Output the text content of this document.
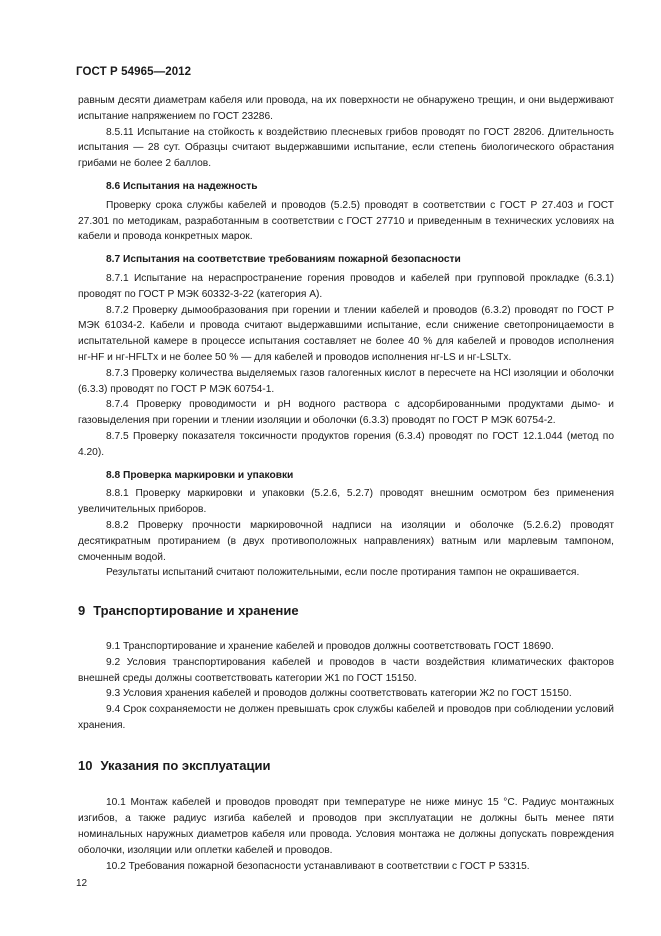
ГОСТ Р 54965—2012

равным десяти диаметрам кабеля или провода, на их поверхности не обнаружено трещин, и они выдерживают испытание напряжением по ГОСТ 23286.

8.5.11 Испытание на стойкость к воздействию плесневых грибов проводят по ГОСТ 28206. Длительность испытания — 28 сут. Образцы считают выдержавшими испытание, если степень биологического обрастания грибами не более 2 баллов.

8.6 Испытания на надежность

Проверку срока службы кабелей и проводов (5.2.5) проводят в соответствии с ГОСТ Р 27.403 и ГОСТ 27.301 по методикам, разработанным в соответствии с ГОСТ 27710 и приведенным в технических условиях на кабели и провода конкретных марок.

8.7 Испытания на соответствие требованиям пожарной безопасности

8.7.1 Испытание на нераспространение горения проводов и кабелей при групповой прокладке (6.3.1) проводят по ГОСТ Р МЭК 60332-3-22 (категория А).

8.7.2 Проверку дымообразования при горении и тлении кабелей и проводов (6.3.2) проводят по ГОСТ Р МЭК 61034-2. Кабели и провода считают выдержавшими испытание, если снижение светопроницаемости в испытательной камере в процессе испытания составляет не более 40 % для кабелей и проводов исполнения нг-HF и нг-HFLTx и не более 50 % — для кабелей и проводов исполнения нг-LS и нг-LSLTx.

8.7.3 Проверку количества выделяемых газов галогенных кислот в пересчете на HCl изоляции и оболочки (6.3.3) проводят по ГОСТ Р МЭК 60754-1.

8.7.4 Проверку проводимости и pH водного раствора с адсорбированными продуктами дымо- и газовыделения при горении и тлении изоляции и оболочки (6.3.3) проводят по ГОСТ Р МЭК 60754-2.

8.7.5 Проверку показателя токсичности продуктов горения (6.3.4) проводят по ГОСТ 12.1.044 (метод по 4.20).

8.8 Проверка маркировки и упаковки

8.8.1 Проверку маркировки и упаковки (5.2.6, 5.2.7) проводят внешним осмотром без применения увеличительных приборов.

8.8.2 Проверку прочности маркировочной надписи на изоляции и оболочке (5.2.6.2) проводят десятикратным протиранием (в двух противоположных направлениях) ватным или марлевым тампоном, смоченным водой.

Результаты испытаний считают положительными, если после протирания тампон не окрашивается.

9 Транспортирование и хранение

9.1 Транспортирование и хранение кабелей и проводов должны соответствовать ГОСТ 18690.

9.2 Условия транспортирования кабелей и проводов в части воздействия климатических факторов внешней среды должны соответствовать категории Ж1 по ГОСТ 15150.

9.3 Условия хранения кабелей и проводов должны соответствовать категории Ж2 по ГОСТ 15150.

9.4 Срок сохраняемости не должен превышать срок службы кабелей и проводов при соблюдении условий хранения.

10 Указания по эксплуатации

10.1 Монтаж кабелей и проводов проводят при температуре не ниже минус 15 °С. Радиус монтажных изгибов, а также радиус изгиба кабелей и проводов при эксплуатации не должны быть менее пяти номинальных наружных диаметров кабеля или провода. Условия монтажа не должны допускать повреждения оболочки, изоляции или оплетки кабелей и проводов.

10.2 Требования пожарной безопасности устанавливают в соответствии с ГОСТ Р 53315.

12
